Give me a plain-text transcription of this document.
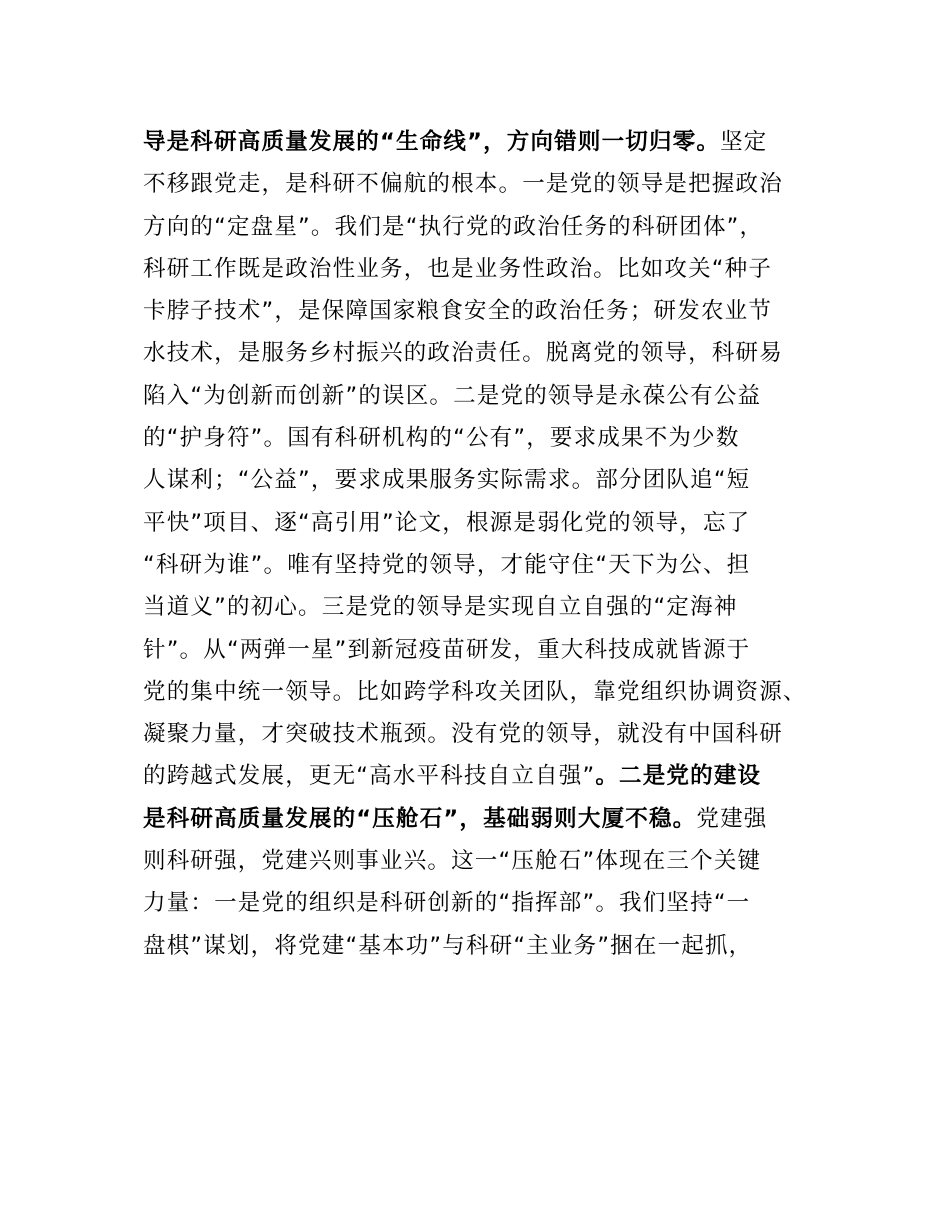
导是科研高质量发展的“生命线”，方向错则一切归零。坚定
不移跟党走，是科研不偏航的根本。一是党的领导是把握政治
方向的“定盘星”。我们是“执行党的政治任务的科研团体”，
科研工作既是政治性业务，也是业务性政治。比如攻关“种子
卡脖子技术”，是保障国家粮食安全的政治任务；研发农业节
水技术，是服务乡村振兴的政治责任。脱离党的领导，科研易
陷入“为创新而创新”的误区。二是党的领导是永葆公有公益
的“护身符”。国有科研机构的“公有”，要求成果不为少数
人谋利；“公益”，要求成果服务实际需求。部分团队追“短
平快”项目、逐“高引用”论文，根源是弱化党的领导，忘了
“科研为谁”。唯有坚持党的领导，才能守住“天下为公、担
当道义”的初心。三是党的领导是实现自立自强的“定海神
针”。从“两弹一星”到新冠疫苗研发，重大科技成就皆源于
党的集中统一领导。比如跨学科攻关团队，靠党组织协调资源、
凝聚力量，才突破技术瓶颈。没有党的领导，就没有中国科研
的跨越式发展，更无“高水平科技自立自强”。二是党的建设
是科研高质量发展的“压舱石”，基础弱则大厦不稳。党建强
则科研强，党建兴则事业兴。这一“压舱石”体现在三个关键
力量：一是党的组织是科研创新的“指挥部”。我们坚持“一
盘棋”谋划，将党建“基本功”与科研“主业务”捆在一起抓，
